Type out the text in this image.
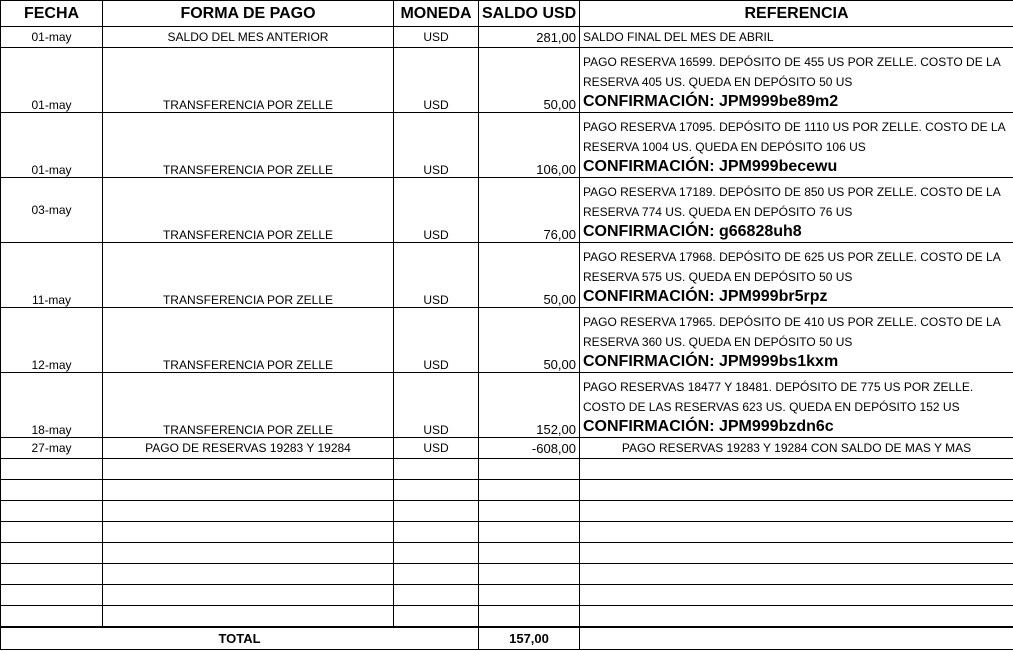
FECHA	FORMA DE PAGO	MONEDA	SALDO USD	REFERENCIA
01-may	SALDO DEL MES ANTERIOR	USD	281,00	SALDO FINAL DEL MES DE ABRIL
01-may	TRANSFERENCIA POR ZELLE	USD	50,00	PAGO RESERVA 16599. DEPÓSITO DE 455 US POR ZELLE. COSTO DE LA
RESERVA 405 US. QUEDA EN DEPÓSITO 50 US
CONFIRMACIÓN: JPM999be89m2

01-may	TRANSFERENCIA POR ZELLE	USD	106,00	PAGO RESERVA 17095. DEPÓSITO DE 1110 US POR ZELLE. COSTO DE LA
RESERVA 1004 US. QUEDA EN DEPÓSITO 106 US
CONFIRMACIÓN: JPM999becewu

03-may	TRANSFERENCIA POR ZELLE	USD	76,00	PAGO RESERVA 17189. DEPÓSITO DE 850 US POR ZELLE. COSTO DE LA
RESERVA 774 US. QUEDA EN DEPÓSITO 76 US
CONFIRMACIÓN: g66828uh8

11-may	TRANSFERENCIA POR ZELLE	USD	50,00	PAGO RESERVA 17968. DEPÓSITO DE 625 US POR ZELLE. COSTO DE LA
RESERVA 575 US. QUEDA EN DEPÓSITO 50 US
CONFIRMACIÓN: JPM999br5rpz

12-may	TRANSFERENCIA POR ZELLE	USD	50,00	PAGO RESERVA 17965. DEPÓSITO DE 410 US POR ZELLE. COSTO DE LA
RESERVA 360 US. QUEDA EN DEPÓSITO 50 US
CONFIRMACIÓN: JPM999bs1kxm

18-may	TRANSFERENCIA POR ZELLE	USD	152,00	PAGO RESERVAS 18477 Y 18481. DEPÓSITO DE 775 US POR ZELLE.
COSTO DE LAS RESERVAS 623 US. QUEDA EN DEPÓSITO 152 US
CONFIRMACIÓN: JPM999bzdn6c

27-may	PAGO DE RESERVAS 19283 Y 19284	USD	-608,00	PAGO RESERVAS 19283 Y 19284 CON SALDO DE MAS Y MAS

TOTAL			157,00	
